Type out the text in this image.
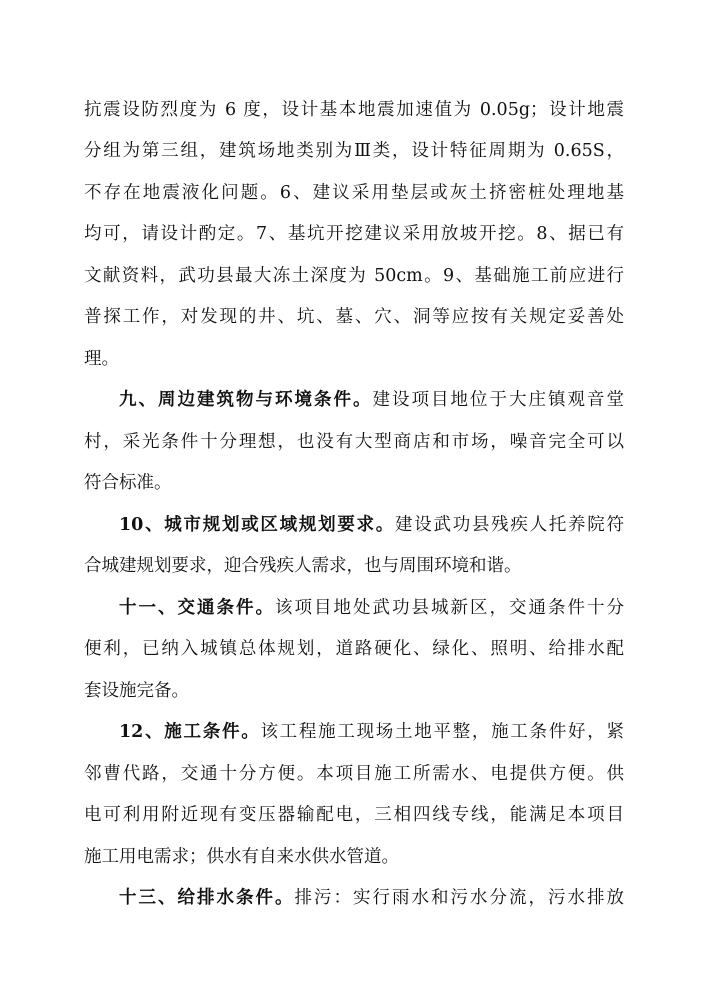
抗震设防烈度为 6 度，设计基本地震加速值为 0.05g；设计地震
分组为第三组，建筑场地类别为Ⅲ类，设计特征周期为 0.65S，
不存在地震液化问题。6、建议采用垫层或灰土挤密桩处理地基
均可，请设计酌定。7、基坑开挖建议采用放坡开挖。8、据已有
文献资料，武功县最大冻土深度为 50cm。9、基础施工前应进行
普探工作，对发现的井、坑、墓、穴、洞等应按有关规定妥善处
理。
九、周边建筑物与环境条件。建设项目地位于大庄镇观音堂
村，采光条件十分理想，也没有大型商店和市场，噪音完全可以
符合标准。
10、城市规划或区域规划要求。建设武功县残疾人托养院符
合城建规划要求，迎合残疾人需求，也与周围环境和谐。
十一、交通条件。该项目地处武功县城新区，交通条件十分
便利，已纳入城镇总体规划，道路硬化、绿化、照明、给排水配
套设施完备。
12、施工条件。该工程施工现场土地平整，施工条件好，紧
邻曹代路，交通十分方便。本项目施工所需水、电提供方便。供
电可利用附近现有变压器输配电，三相四线专线，能满足本项目
施工用电需求；供水有自来水供水管道。
十三、给排水条件。排污：实行雨水和污水分流，污水排放
